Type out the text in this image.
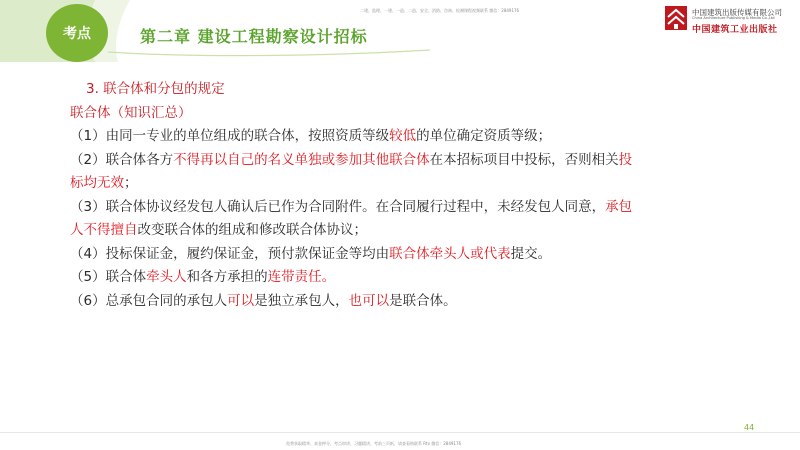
考点	第二章 建设工程勘察设计招标
二建、监理、一建、一造、二造、安全、消防、咨询、检测课程视频联系 微信：2849176	中国建筑出版传媒有限公司
China Architecture Publishing & Media Co.,Ltd
中国建筑工业出版社

3. 联合体和分包的规定

联合体（知识汇总）

（1）由同一专业的单位组成的联合体，按照资质等级较低的单位确定资质等级；

（2）联合体各方不得再以自己的名义单独或参加其他联合体在本招标项目中投标，否则相关投

标均无效；

（3）联合体协议经发包人确认后已作为合同附件。在合同履行过程中，未经发包人同意，承包

人不得擅自改变联合体的组成和修改联合体协议；

（4）投标保证金，履约保证金，预付款保证金等均由联合体牵头人或代表提交。

（5）联合体牵头人和各方承担的连带责任。

（6）总承包合同的承包人可以是独立承包人，也可以是联合体。

44
免费获取精华、真金押分，考点串讲、习题精讲、考前三页纸，请查看购联系 Rtv 微信：2849176
